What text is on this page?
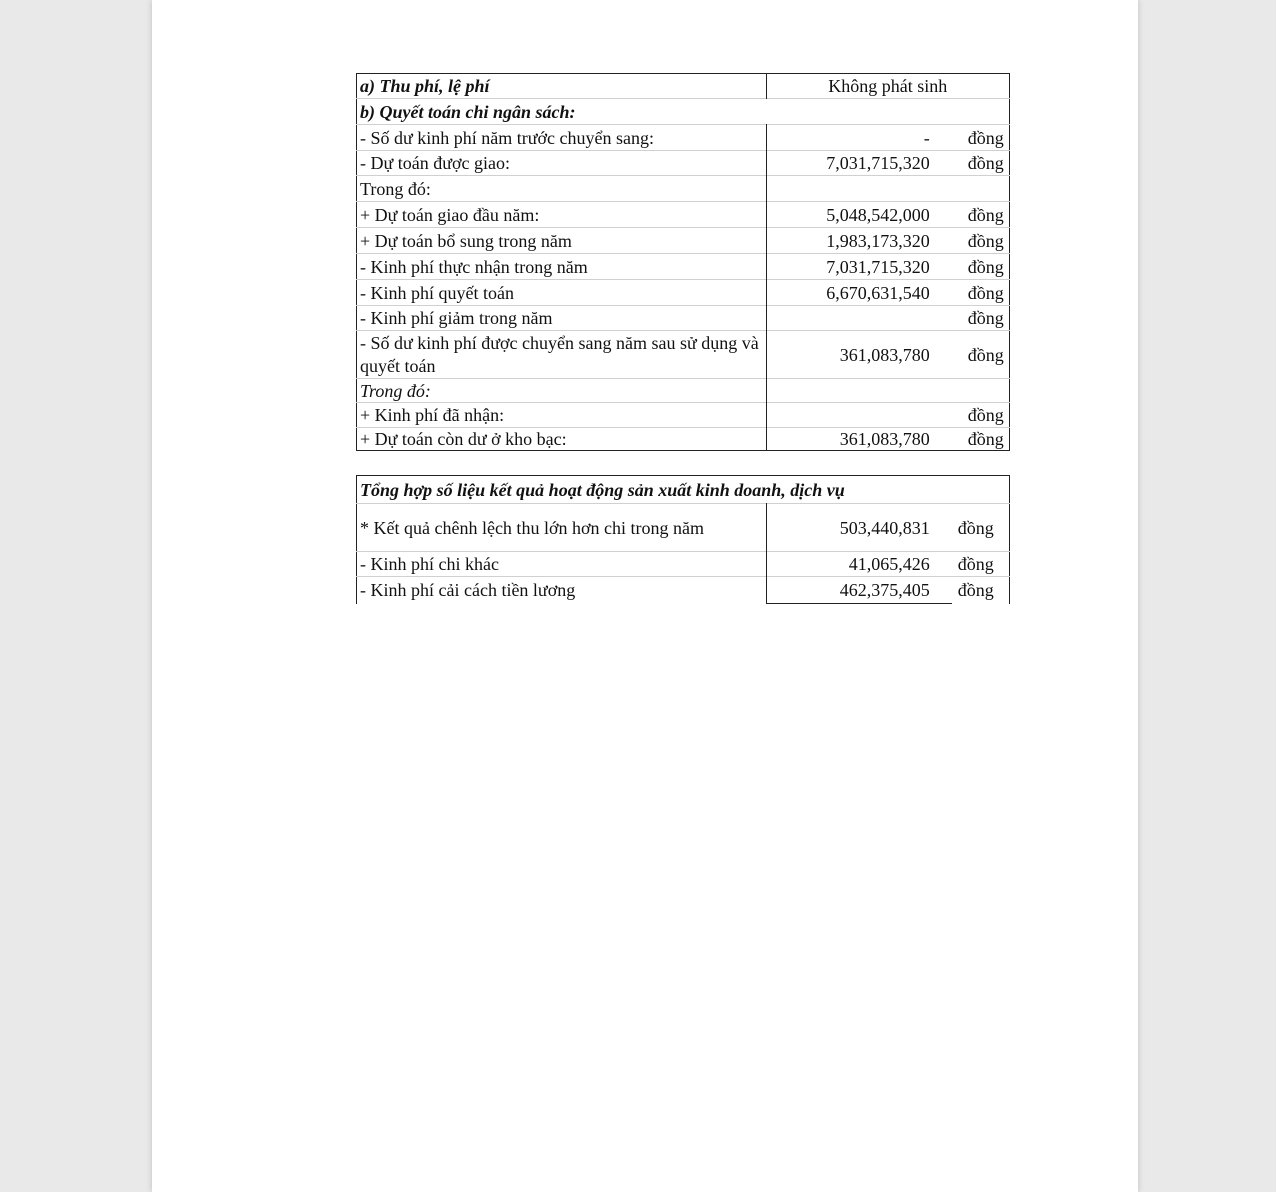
a) Thu phí, lệ phí	Không phát sinh	
b) Quyết toán chi ngân sách:		
- Số dư kinh phí năm trước chuyển sang:	-	đồng
- Dự toán được giao:	7,031,715,320	đồng
Trong đó:		
+ Dự toán giao đầu năm:	5,048,542,000	đồng
+ Dự toán bổ sung trong năm	1,983,173,320	đồng
- Kinh phí thực nhận trong năm	7,031,715,320	đồng
- Kinh phí quyết toán	6,670,631,540	đồng
- Kinh phí giảm trong năm		đồng
- Số dư kinh phí được chuyển sang năm sau sử dụng và quyết toán	361,083,780	đồng
Trong đó:		
+ Kinh phí đã nhận:		đồng
+ Dự toán còn dư ở kho bạc:	361,083,780	đồng
Tổng hợp số liệu kết quả hoạt động sản xuất kinh doanh, dịch vụ		
* Kết quả chênh lệch thu lớn hơn chi trong năm	503,440,831	đồng
- Kinh phí chi khác	41,065,426	đồng
- Kinh phí cải cách tiền lương	462,375,405	đồng
